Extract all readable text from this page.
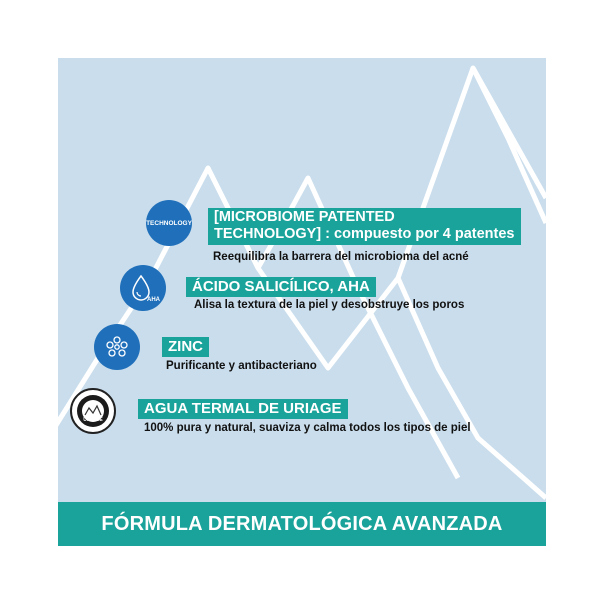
TECHNOLOGY	[MICROBIOME PATENTED
TECHNOLOGY] : compuesto por 4 patentes
Reequilibra la barrera del microbioma del acné
AHA
ÁCIDO SALICÍLICO, AHA
Alisa la textura de la piel y desobstruye los poros
ZINC
Purificante y antibacteriano
URIAGE
AGUA TERMAL DE URIAGE
100% pura y natural, suaviza y calma todos los tipos de piel
FÓRMULA DERMATOLÓGICA AVANZADA
